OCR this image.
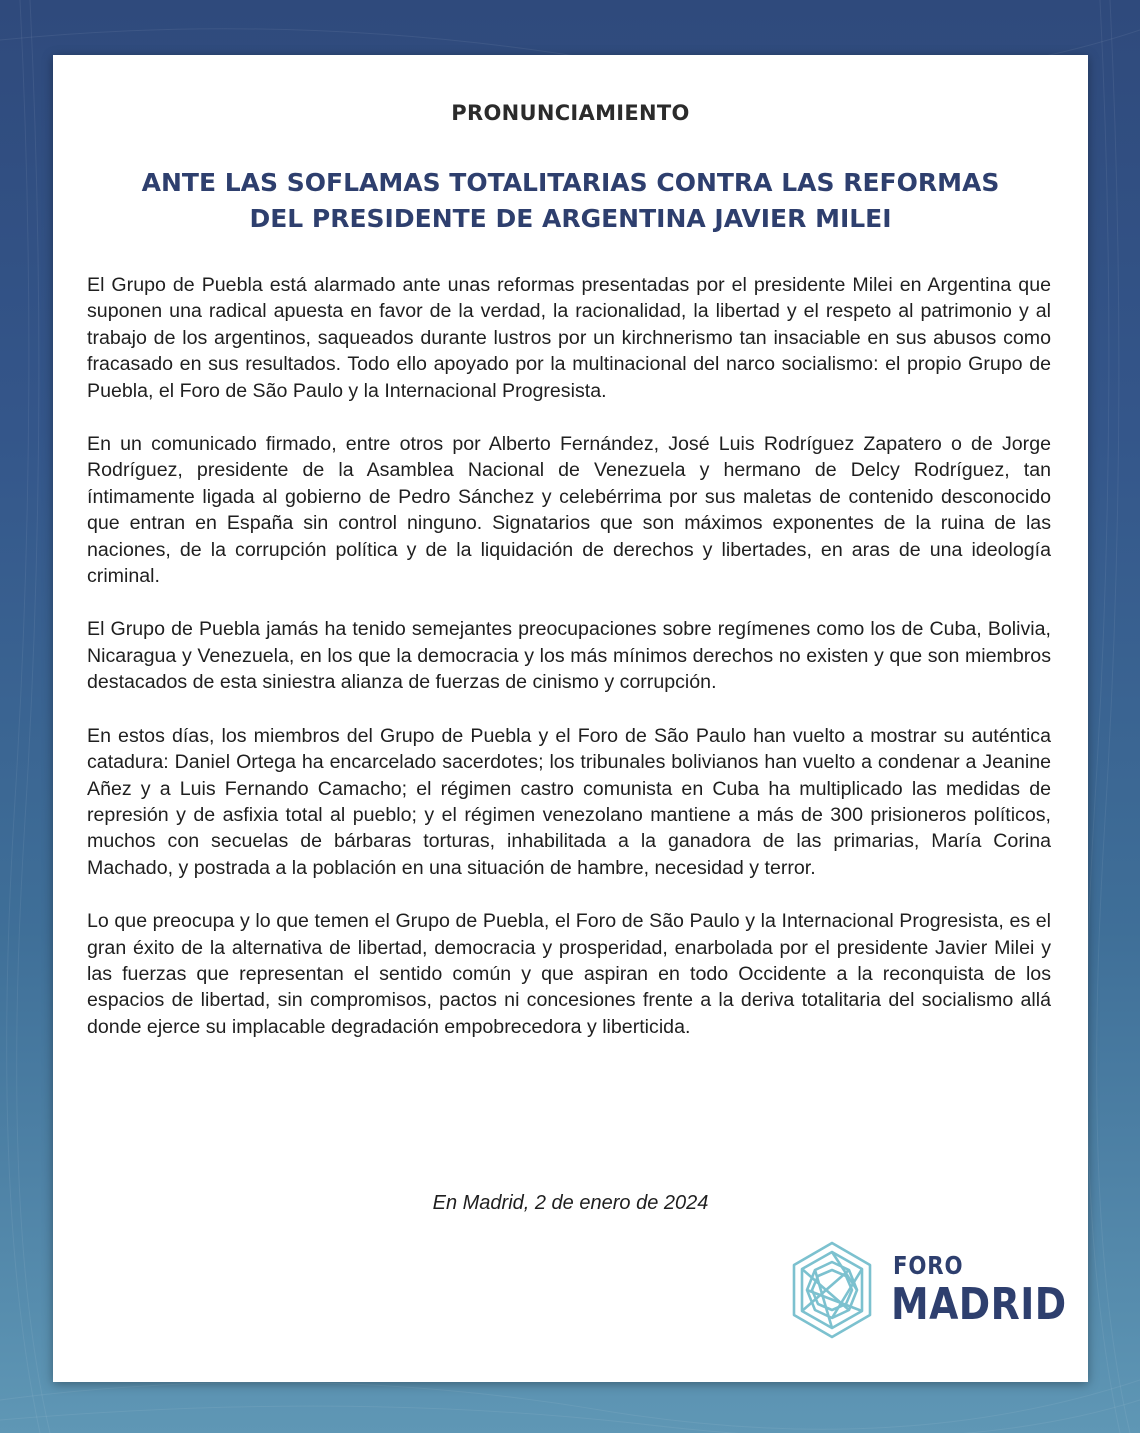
PRONUNCIAMIENTO
ANTE LAS SOFLAMAS TOTALITARIAS CONTRA LAS REFORMAS
DEL PRESIDENTE DE ARGENTINA JAVIER MILEI

El Grupo de Puebla está alarmado ante unas reformas presentadas por el presidente Milei en Argentina que suponen una radical apuesta en favor de la verdad, la racionalidad, la libertad y el respeto al patrimonio y al trabajo de los argentinos, saqueados durante lustros por un kirchnerismo tan insaciable en sus abusos como fracasado en sus resultados. Todo ello apoyado por la multinacional del narco socialismo: el propio Grupo de Puebla, el Foro de São Paulo y la Internacional Progresista.

En un comunicado firmado, entre otros por Alberto Fernández, José Luis Rodríguez Zapatero o de Jorge Rodríguez, presidente de la Asamblea Nacional de Venezuela y hermano de Delcy Rodríguez, tan íntimamente ligada al gobierno de Pedro Sánchez y celebérrima por sus maletas de contenido desconocido que entran en España sin control ninguno. Signatarios que son máximos exponentes de la ruina de las naciones, de la corrupción política y de la liquidación de derechos y libertades, en aras de una ideología criminal.

El Grupo de Puebla jamás ha tenido semejantes preocupaciones sobre regímenes como los de Cuba, Bolivia, Nicaragua y Venezuela, en los que la democracia y los más mínimos derechos no existen y que son miembros destacados de esta siniestra alianza de fuerzas de cinismo y corrupción.

En estos días, los miembros del Grupo de Puebla y el Foro de São Paulo han vuelto a mostrar su auténtica catadura: Daniel Ortega ha encarcelado sacerdotes; los tribunales bolivianos han vuelto a condenar a Jeanine Añez y a Luis Fernando Camacho; el régimen castro comunista en Cuba ha multiplicado las medidas de represión y de asfixia total al pueblo; y el régimen venezolano mantiene a más de 300 prisioneros políticos, muchos con secuelas de bárbaras torturas, inhabilitada a la ganadora de las primarias, María Corina Machado, y postrada a la población en una situación de hambre, necesidad y terror.

Lo que preocupa y lo que temen el Grupo de Puebla, el Foro de São Paulo y la Internacional Progresista, es el gran éxito de la alternativa de libertad, democracia y prosperidad, enarbolada por el presidente Javier Milei y las fuerzas que representan el sentido común y que aspiran en todo Occidente a la reconquista de los espacios de libertad, sin compromisos, pactos ni concesiones frente a la deriva totalitaria del socialismo allá donde ejerce su implacable degradación empobrecedora y liberticida.

En Madrid, 2 de enero de 2024
FORO
MADRID
